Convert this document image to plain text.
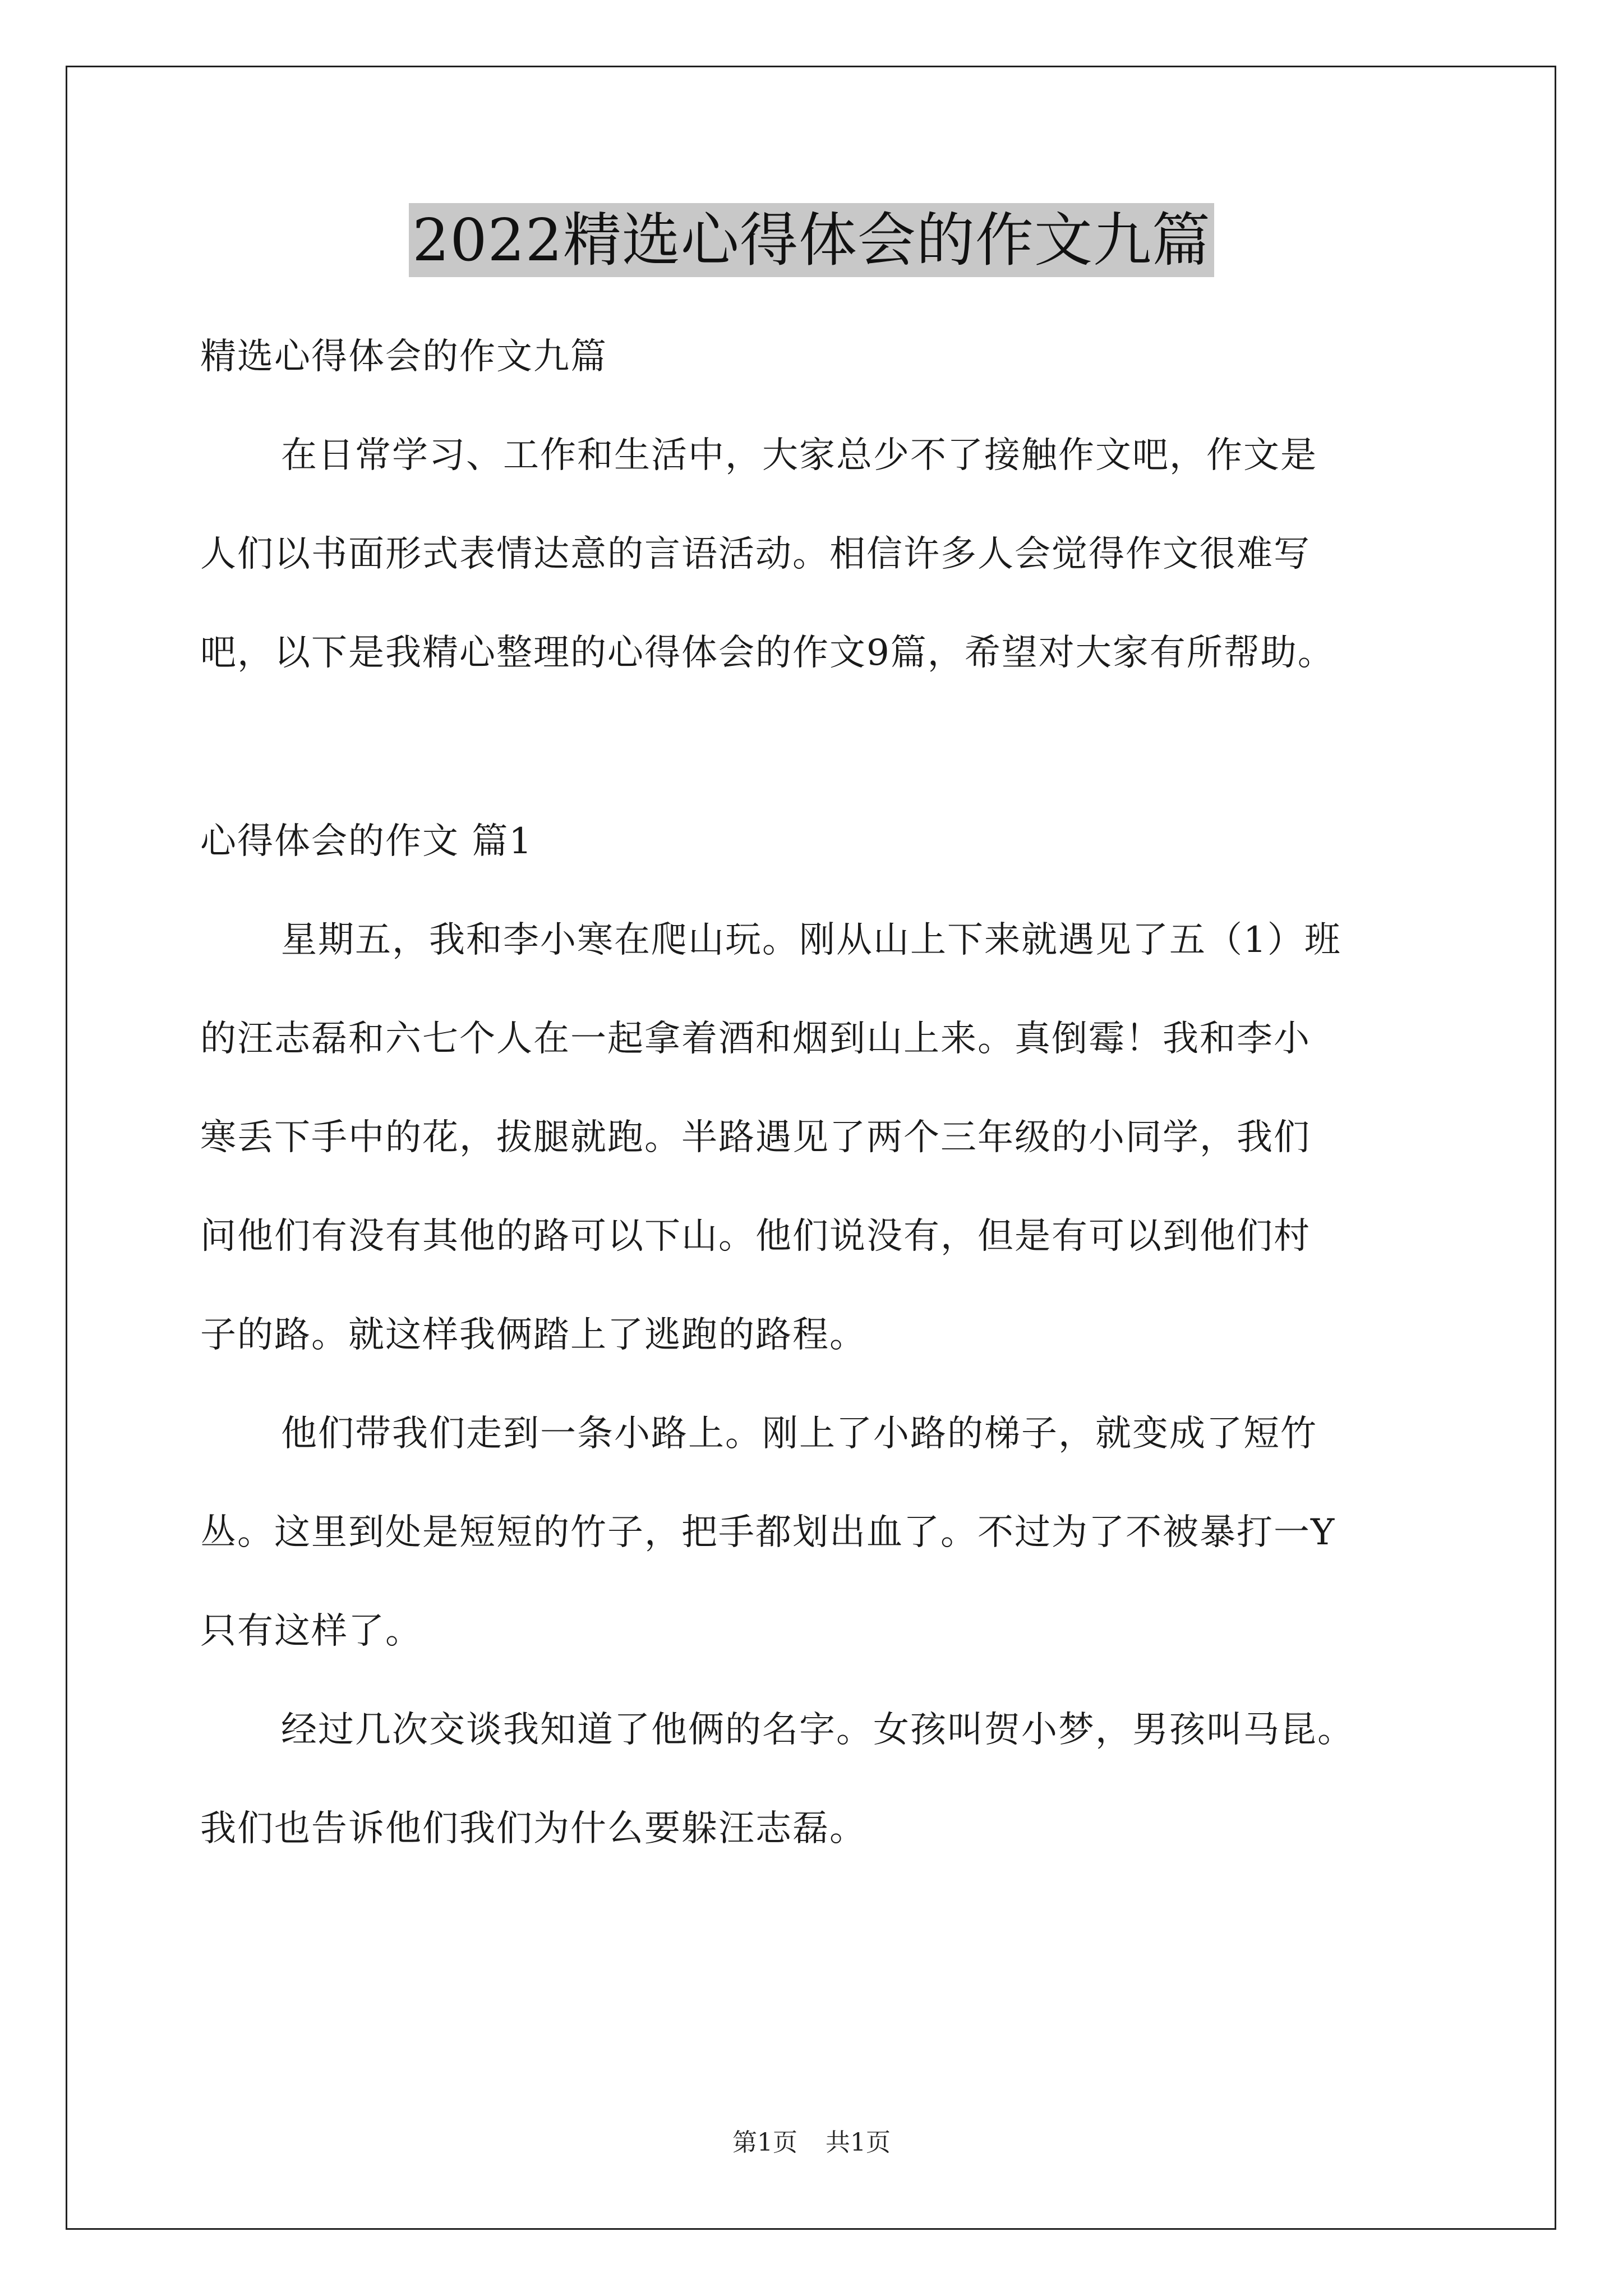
2022精选心得体会的作文九篇
精选心得体会的作文九篇
在日常学习、工作和生活中，大家总少不了接触作文吧，作文是
人们以书面形式表情达意的言语活动。相信许多人会觉得作文很难写
吧，以下是我精心整理的心得体会的作文9篇，希望对大家有所帮助。
心得体会的作文 篇1
星期五，我和李小寒在爬山玩。刚从山上下来就遇见了五（1）班
的汪志磊和六七个人在一起拿着酒和烟到山上来。真倒霉！我和李小
寒丢下手中的花，拔腿就跑。半路遇见了两个三年级的小同学，我们
问他们有没有其他的路可以下山。他们说没有，但是有可以到他们村
子的路。就这样我俩踏上了逃跑的路程。
他们带我们走到一条小路上。刚上了小路的梯子，就变成了短竹
丛。这里到处是短短的竹子，把手都划出血了。不过为了不被暴打一Y
只有这样了。
经过几次交谈我知道了他俩的名字。女孩叫贺小梦，男孩叫马昆。
我们也告诉他们我们为什么要躲汪志磊。
第1页 共1页
